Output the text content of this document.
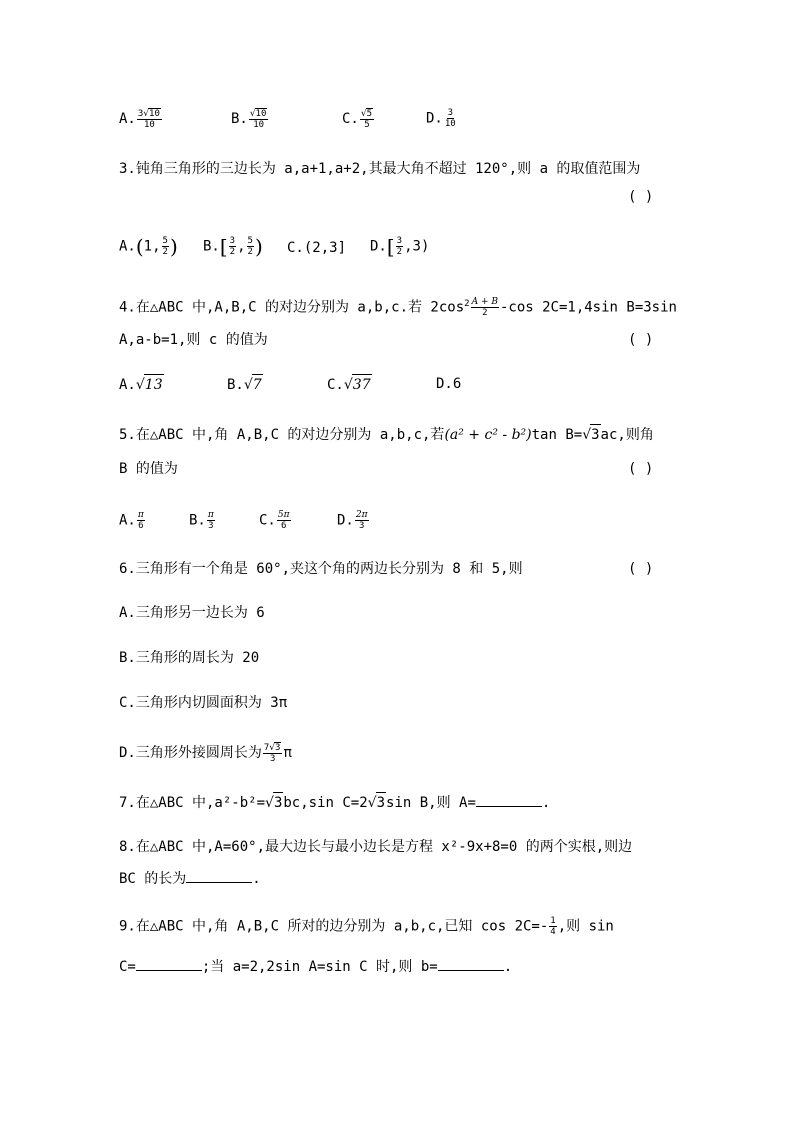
A. $\frac{3√10}{10}$	B. $\frac{√10}{10}$	C. $\frac{√5}{5}$	D. $\frac{3}{10}$
3.钝角三角形的三边长为 a,a+1,a+2,其最大角不超过 120°,则 a 的取值范围为
( )
A.(1, $\frac{5}{2}$ ) $B.[ \frac{3}{2}$ , $\frac{5}{2}$ ) C.(2,3] $D.[ \frac{3}{2} ,3)$
4.在△ABC 中,A,B,C 的对边分别为 a,b,c.若 $2\cos^2 \frac{A + B}{2} -\cos$ 2C=1,4sin B=3sin
A,a-b=1,则 c 的值为	( )
A.√13	B.√7	C.√37	D.6
5.在△ABC 中,角 A,B,C 的对边分别为 a,b,c,若(a² + c² - b²)tan B=√3ac,则角
B 的值为	( )
A. $\frac{\pi}{6}$	B. $\frac{\pi}{3}$	C. $\frac{5\pi}{6}$	D. $\frac{2\pi}{3}$
6.三角形有一个角是 60°,夹这个角的两边长分别为 8 和 5,则	( )
A.三角形另一边长为 6
B.三角形的周长为 20
C.三角形内切圆面积为 3π
D.三角形外接圆周长为 $\frac{7√3}{3}$ π
7.在△ABC 中,a²-b²=√3bc,sin C=2√3sin B,则 A=	.
8.在△ABC 中,A=60°,最大边长与最小边长是方程 x²-9x+8=0 的两个实根,则边
BC 的长为	.
9.在△ABC 中,角 A,B,C 所对的边分别为 a,b,c,已知 $\cos 2C=- \frac{1}{4}$ ,则 sin
C=	;当 a=2,2sin A=sin C 时,则 b=	.
